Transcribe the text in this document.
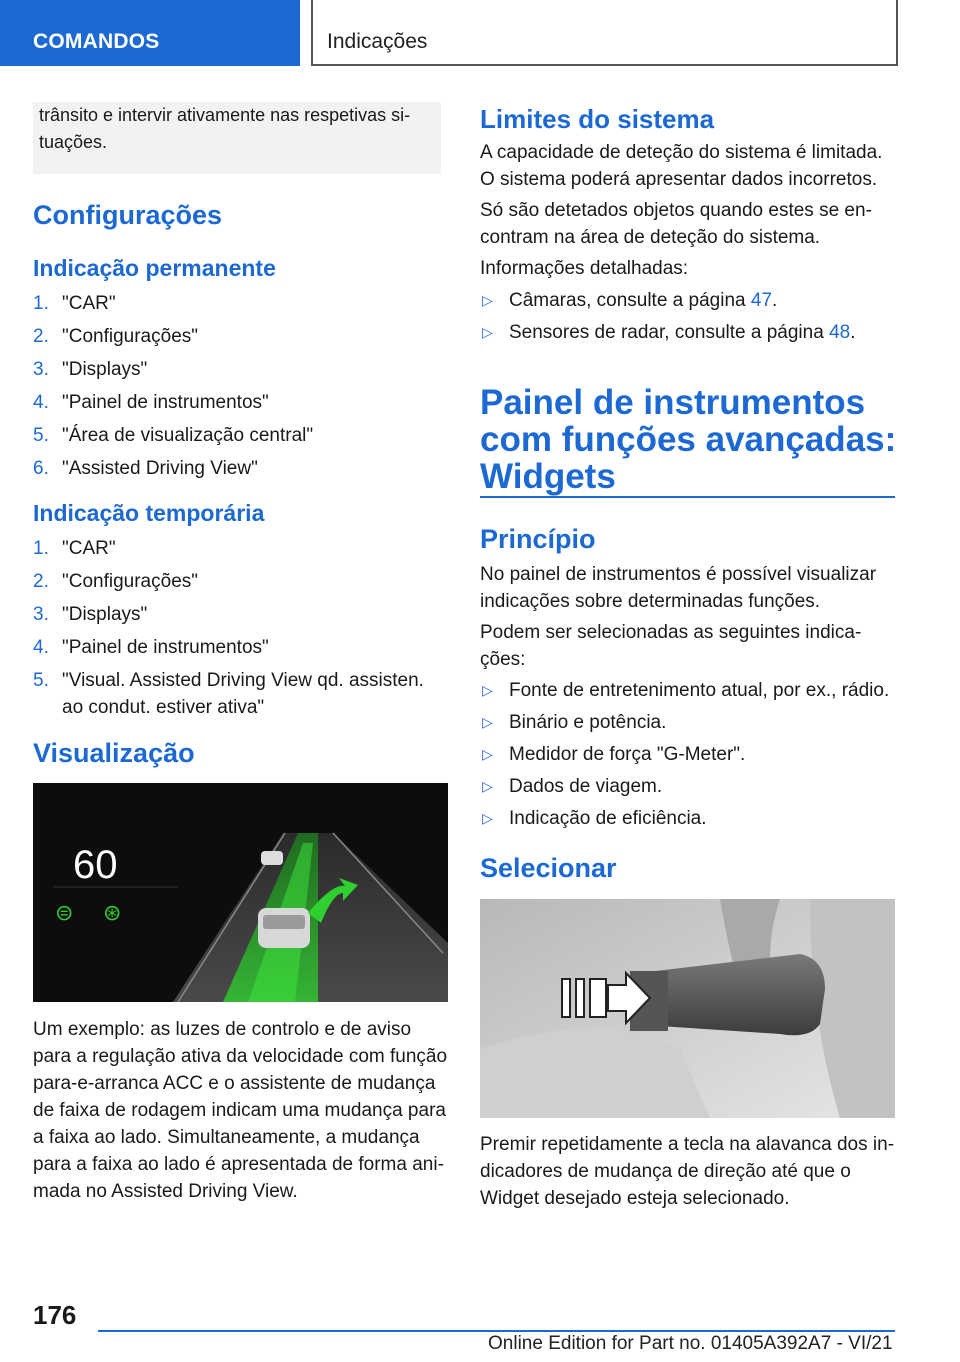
COMANDOS	Indicações
trânsito e intervir ativamente nas respetivas situações.
Configurações
Indicação permanente
1. "CAR"
2. "Configurações"
3. "Displays"
4. "Painel de instrumentos"
5. "Área de visualização central"
6. "Assisted Driving View"
Indicação temporária
1. "CAR"
2. "Configurações"
3. "Displays"
4. "Painel de instrumentos"
5. "Visual. Assisted Driving View qd. assisten. ao condut. estiver ativa"
Visualização
60
⊜ ⊛
Um exemplo: as luzes de controlo e de aviso para a regulação ativa da velocidade com função para-e-arranca ACC e o assistente de mudança de faixa de rodagem indicam uma mudança para a faixa ao lado. Simultaneamente, a mudança para a faixa ao lado é apresentada de forma animada no Assisted Driving View.
Limites do sistema
A capacidade de deteção do sistema é limitada. O sistema poderá apresentar dados incorretos.
Só são detetados objetos quando estes se encontram na área de deteção do sistema.
Informações detalhadas:
▷ Câmaras, consulte a página 47.
▷ Sensores de radar, consulte a página 48.
Painel de instrumentos
com funções avançadas:
Widgets
Princípio
No painel de instrumentos é possível visualizar indicações sobre determinadas funções.
Podem ser selecionadas as seguintes indicações:
▷ Fonte de entretenimento atual, por ex., rádio.
▷ Binário e potência.
▷ Medidor de força "G-Meter".
▷ Dados de viagem.
▷ Indicação de eficiência.
Selecionar
Premir repetidamente a tecla na alavanca dos indicadores de mudança de direção até que o Widget desejado esteja selecionado.
176
Online Edition for Part no. 01405A392A7 - VI/21
